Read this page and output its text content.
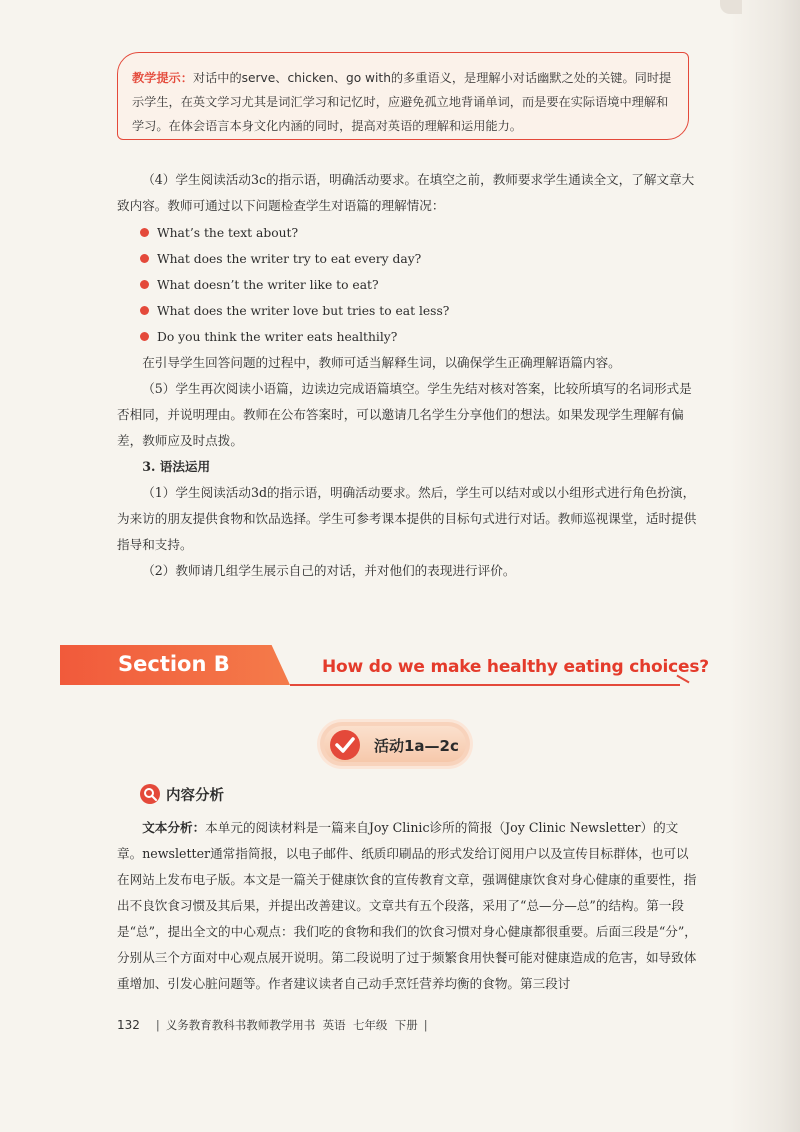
教学提示：对话中的serve、chicken、go with的多重语义，是理解小对话幽默之处的关键。同时提示学生，在英文学习尤其是词汇学习和记忆时，应避免孤立地背诵单词，而是要在实际语境中理解和学习。在体会语言本身文化内涵的同时，提高对英语的理解和运用能力。

（4）学生阅读活动3c的指示语，明确活动要求。在填空之前，教师要求学生通读全文，了解文章大致内容。教师可通过以下问题检查学生对语篇的理解情况：

What’s the text about?
What does the writer try to eat every day?
What doesn’t the writer like to eat?
What does the writer love but tries to eat less?
Do you think the writer eats healthily?

在引导学生回答问题的过程中，教师可适当解释生词，以确保学生正确理解语篇内容。

（5）学生再次阅读小语篇，边读边完成语篇填空。学生先结对核对答案，比较所填写的名词形式是否相同，并说明理由。教师在公布答案时，可以邀请几名学生分享他们的想法。如果发现学生理解有偏差，教师应及时点拨。

3. 语法运用

（1）学生阅读活动3d的指示语，明确活动要求。然后，学生可以结对或以小组形式进行角色扮演，为来访的朋友提供食物和饮品选择。学生可参考课本提供的目标句式进行对话。教师巡视课堂，适时提供指导和支持。

（2）教师请几组学生展示自己的对话，并对他们的表现进行评价。

Section B	How do we make healthy eating choices?
活动1a—2c
内容分析

文本分析：本单元的阅读材料是一篇来自Joy Clinic诊所的简报（Joy Clinic Newsletter）的文章。newsletter通常指简报，以电子邮件、纸质印刷品的形式发给订阅用户以及宣传目标群体，也可以在网站上发布电子版。本文是一篇关于健康饮食的宣传教育文章，强调健康饮食对身心健康的重要性，指出不良饮食习惯及其后果，并提出改善建议。文章共有五个段落，采用了“总—分—总”的结构。第一段是“总”，提出全文的中心观点：我们吃的食物和我们的饮食习惯对身心健康都很重要。后面三段是“分”，分别从三个方面对中心观点展开说明。第二段说明了过于频繁食用快餐可能对健康造成的危害，如导致体重增加、引发心脏问题等。作者建议读者自己动手烹饪营养均衡的食物。第三段讨

132 | 义务教育教科书教师教学用书 英语 七年级 下册 |
